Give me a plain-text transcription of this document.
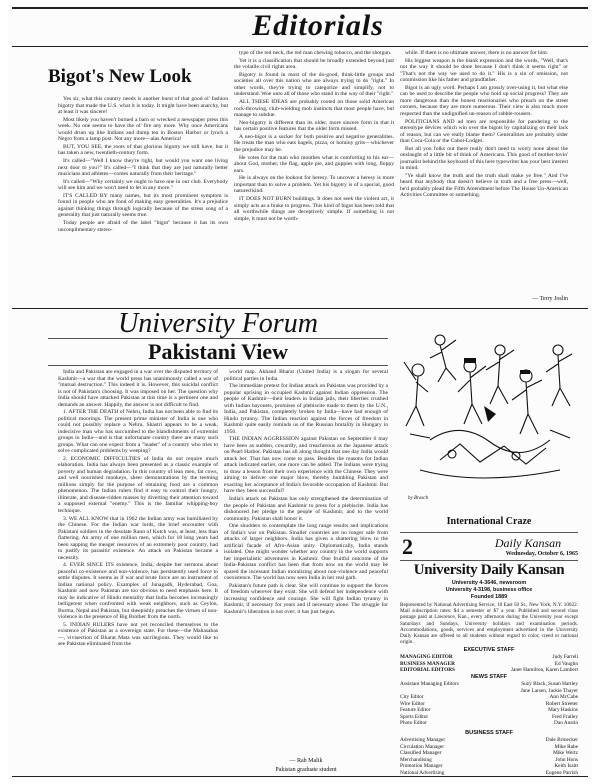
Editorials
Bigot's New Look

Yes sir, what this country needs is another burst of that good ol' fashion bigotry that made the U.S. what it is today. It might have been anarchy, but at least it was sincere!

Most likely you haven't burned a barn or wrecked a newspaper press this week. No one seems to have the ol' fire any more. Why once Americans would drum up like Indians and dump tea in Boston Harbor or lynch a Negro from a lamp post. Not any more—alas America!

BUT, YOU SEE, the roots of that glorious bigotry we still have, but it has taken a new, twentieth-century form.

It's called—"Well I know they're right, but would you want one living next door to you?" It's called—"I think that they are just naturally better musicians and athletes—comes naturally from their heritage."

It's called—"Why certainly we ought to have one in our club. Everybody will see him and we won't need to let in any more."

IT'S CALLED BY many names, but its most prominent symptom is found in people who are fond of making easy generalities. It's a prejudice against thinking things through logically because of the stress song of a generality that just naturally seems true.

Today people are afraid of the label "bigot" because it has its own unconpilmentary stereo-

type of the red neck, the red man chewing tobacco, and the shotgun.

Yet it is a classification that should be broadly extended beyond just the volatile civil rights area.

Bigotry is found in most of the do-good, think-little groups and societies all over this nation who are always trying to do "right." In other words, they're trying to categorize and simplify, not to understand. Woe unto all of those who stand in the way of their "right."

ALL THESE IDEAS are probably rooted on those solid American rock-throwing, club-wielding mob instincts that most people have, but manage to subdue.

Neo-bigotry is different than its older, more sincere form in that it has certain positive features that the older form missed.

A neo-bigot is a sucker for both positive and negative generalities. He treats the man who eats bagels, pizza, or hominy grits—whichever the prejudice may be.

He votes for the man who mouthes what is comforting to his ear—about God, mother, the flag, apple pie, and guppies with long, floppy ears.

He is always on the lookout for heresy. To uncover a heresy is more important than to solve a problem. Yet his bigotry is of a special, good natured kind.

IT DOES NOT BURN buildings. It does not seek the violent act, it simply acts as a brake to progress. This kind of bigot has been told that all worthwhile things are deceptively simple. If something is not simple, it must not be worth-

while. If there is no ultimate answer, there is no answer for him.

His biggest weapon is the blank expression and the words, "Well, that's not the way it should be done because I don't think it seems right" or "That's not the way we used to do it." His is a sin of omission, not commission like his father and grandfather.

Bigot is an ugly word. Perhaps I am grossly over-using it, but what else can be used to describe the people who hold up social progress? They are more dangerous than the honest reactionaries who preach on the street corners, because they are more numerous. Their view is also much more respected than the undignified un-reason of rabble-rousers.

POLITICIANS AND ad men are responsible for pandering to the stereotype devices which win over the bigots by capitalizing on their lack of reason, but can we really blame them? Generalities are probably older than Coca-Cola or the Cabot-Lodges.

But all you folks out there really don't need to worry none about the onslaught of a little bit of think ol' Americans. This good of mother-lovin' journalist behind the keyboard of this here typewriter has your best interest in mind.

"Ye shall know the truth and the truth shall make ye free." And I've heard that anybody that doesn't believe in truth and a free press—well, he'd probably plead the Fifth Amendment before The House Un-American Activities Committee or something.

— Terry Joslin
University Forum
Pakistani View

India and Pakistan are engaged in a war over the disputed territory of Kashmir—a war that the world press has unanimously called a war of "mutual destruction." This indeed it is. However, this suicidal conflict is not of Pakistan's choosing. It was imposed on her. The question why India should have attacked Pakistan at this time is a pertinent one and demands an answer. Happily, the answer is not difficult to find.

1. AFTER THE DEATH of Nehru, India has not been able to find its political moorings. The present prime minister of India is one who could not possibly replace a Nehru. Shastri appears to be a weak, indecisive man who has succumbed to the blandishments of extremist groups in India—and is that unfortunate country there are many such groups. What can one expect from a "leader" of a country who tries to solve complicated problems by weeping?

2. ECONOMIC DIFFICULTIES of India do not require much elaboration. India has always been presented as a classic example of poverty and human degradation. In this country of lean men, fat cows, and well nourished monkeys, sheer demonstrations by the teeming millions simply for the purpose of obtaining food are a common phenomenon. The Indian rulers find it easy to control their hungry, illiterate, and disease-ridden masses by diverting their attention toward a supposed external "enemy." This is the familiar whipping-boy technique.

3. WE ALL KNOW that in 1962 the Indian army was humiliated by the Chinese. For the Indian war lords, the brief encounter with Pakistani soldiers in the desolate Rann of Kutch was, at least, less than flattering. An army of one million men, which for 18 long years had been sapping the meager resources of an extremely poor country, had to justify its parasitic existence. An attack on Pakistan became a necessity.

4. EVER SINCE ITS existence, India, despite her sermons about peaceful co-existence and non-violence, has persistently used force to settle disputes. It seems as if war and brute force are an instrument of Indian national policy. Examples of Junagadh, Hyderabad, Goa, Kashmir and now Pakistan are too obvious to need emphasis here. It may be indicative of Hindu mentality that India becomes increasingly belligerent when confronted with weak neighbors, such as Ceylon, Burma, Nepal and Pakistan, but sheepishly preaches the virtues of non-violence in the presence of Big Brother from the north.

5. INDIAN RULERS have not yet reconciled themselves to the existence of Pakistan as a sovereign state. For these—the Mahasabas—, vivisection of Bharat Mata was sacrilegious. They would like to see Pakistan eliminated from the

world map. Akhand Bharat (United India) is a slogan for several political parties in India.

The immediate pretext for Indian attack on Pakistan was provided by a popular uprising in occupied Kashmir against Indian oppression. The people of Kashmir—their leaders in Indian jails, their liberties crushed with Indian bayonets, promises of plebiscite made to them by the U.N., India, and Pakistan, completely broken by India—have had enough of Hindu tyranny. The Indian reaction against the forces of freedom in Kashmir quite easily reminds us of the Russian brutality in Hungary in 1956.

THE INDIAN AGGRESSION against Pakistan on September 6 may have been as sudden, cowardly, and treacherous as the Japanese attack on Pearl Harbor. Pakistan has all along thought that one day India would attack her. That has now come to pass. Besides the reasons for Indian attack indicated earlier, one more can be added. The Indians were trying to draw a lesson from their own experience with the Chinese. They were aiming to deliver one major blow, thereby humbling Pakistan and exacting her acceptance of India's favorable occupation of Kashmir. But have they been successful?

India's attack on Pakistan has only strengthened the determination of the people of Pakistan and Kashmir to press for a plebiscite. India has dishonored her pledge to the people of Kashmir, and to the world community. Pakistan shall honor it.

One shudders to contemplate the long range results and implications of India's war on Pakistan. Smaller countries are no longer safe from attacks of larger neighbors. India has given a shattering blow to the artificial facade of Afro-Asian unity. Diplomatically, India stands isolated. One might wonder whether any country in the world supports her imperialistic adventures in Kashmir. One fruitful outcome of the India-Pakistan conflict has been that from now on the world may be spared the incessant Indian moralizing about non-violence and peaceful coexistence. The world has now seen India in her real garb.

Pakistan's future path is clear. She will continue to support the forces of freedom wherever they exist. She will defend her independence with increasing confidence and courage. She will fight Indian tyranny in Kashmir, if necessary for years and if necessary alone. The struggle for Kashmir's liberation is not over; it has just begun.

— Rab Malik
Pakistan graduate student
by Brasch
International Craze
2	Daily Kansan
Wednesday, October 6, 1965
University Daily Kansan
University 4-3646, newsroom
University 4-3198, business office
Founded 1889
Represented by National Advertising Service, 18 East 50 St., New York, N.Y. 10022. Mail subscription rates: $4 a semester or $7 a year. Published and second class postage paid at Lawrence, Kan., every afternoon during the University year except Saturdays and Sundays, University holidays and examination periods. Accommodations, goods, services and employment advertised in the University Daily Kansan are offered to all students without regard to color, creed or national origin.
EXECUTIVE STAFF
MANAGING EDITOR	Judy Farrell
BUSINESS MANAGER	Ed Vaughn
EDITORIAL EDITORS	Janet Hamilton, Karen Lambert
NEWS STAFF
Assistant Managing Editors	Suzy Black, Susan Hartley
Jane Larsen, Jackie Thayer
City Editor	Ann McCabe
Wire Editor	Robert Streeter
Feature Editor	Mary Haskins
Sports Editor	Fred Frailey
Photo Editor	Dan Austin
BUSINESS STAFF
Advertising Manager	Dale Brinecker
Circulation Manager	Mike Rahe
Classified Manager	Mike Wertz
Merchandising	John Hons
Promotion Manager	Keith Isaitt
National Advertising	Eugene Parrish
